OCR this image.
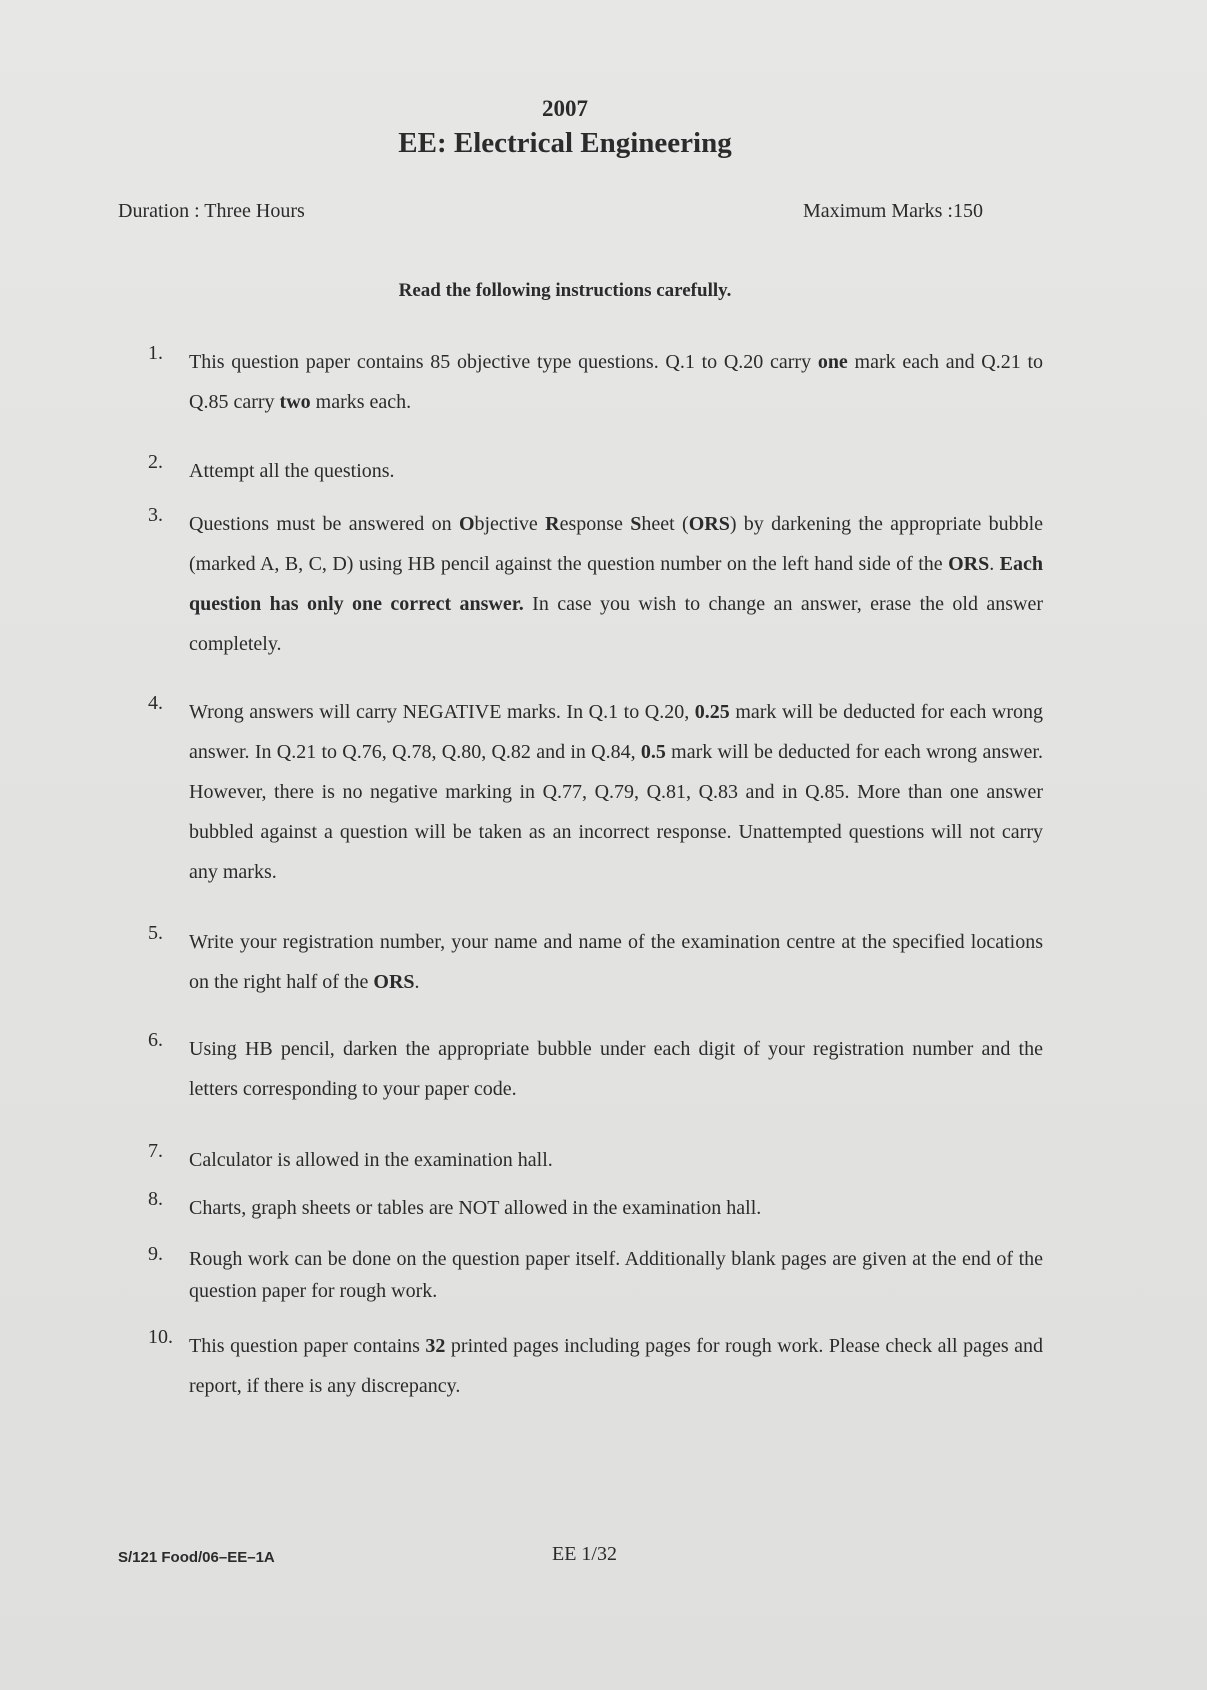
2007
EE: Electrical Engineering
Duration : Three Hours	Maximum Marks :150
Read the following instructions carefully.
1.	This question paper contains 85 objective type questions. Q.1 to Q.20 carry one mark each and Q.21 to Q.85 carry two marks each.
2.	Attempt all the questions.
3.	Questions must be answered on Objective Response Sheet (ORS) by darkening the appropriate bubble (marked A, B, C, D) using HB pencil against the question number on the left hand side of the ORS. Each question has only one correct answer. In case you wish to change an answer, erase the old answer completely.
4.	Wrong answers will carry NEGATIVE marks. In Q.1 to Q.20, 0.25 mark will be deducted for each wrong answer. In Q.21 to Q.76, Q.78, Q.80, Q.82 and in Q.84, 0.5 mark will be deducted for each wrong answer. However, there is no negative marking in Q.77, Q.79, Q.81, Q.83 and in Q.85. More than one answer bubbled against a question will be taken as an incorrect response. Unattempted questions will not carry any marks.
5.	Write your registration number, your name and name of the examination centre at the specified locations on the right half of the ORS.
6.	Using HB pencil, darken the appropriate bubble under each digit of your registration number and the letters corresponding to your paper code.
7.	Calculator is allowed in the examination hall.
8.	Charts, graph sheets or tables are NOT allowed in the examination hall.
9.	Rough work can be done on the question paper itself. Additionally blank pages are given at the end of the question paper for rough work.
10. This question paper contains 32 printed pages including pages for rough work. Please check all pages and report, if there is any discrepancy.
S/121 Food/06–EE–1A	EE 1/32
